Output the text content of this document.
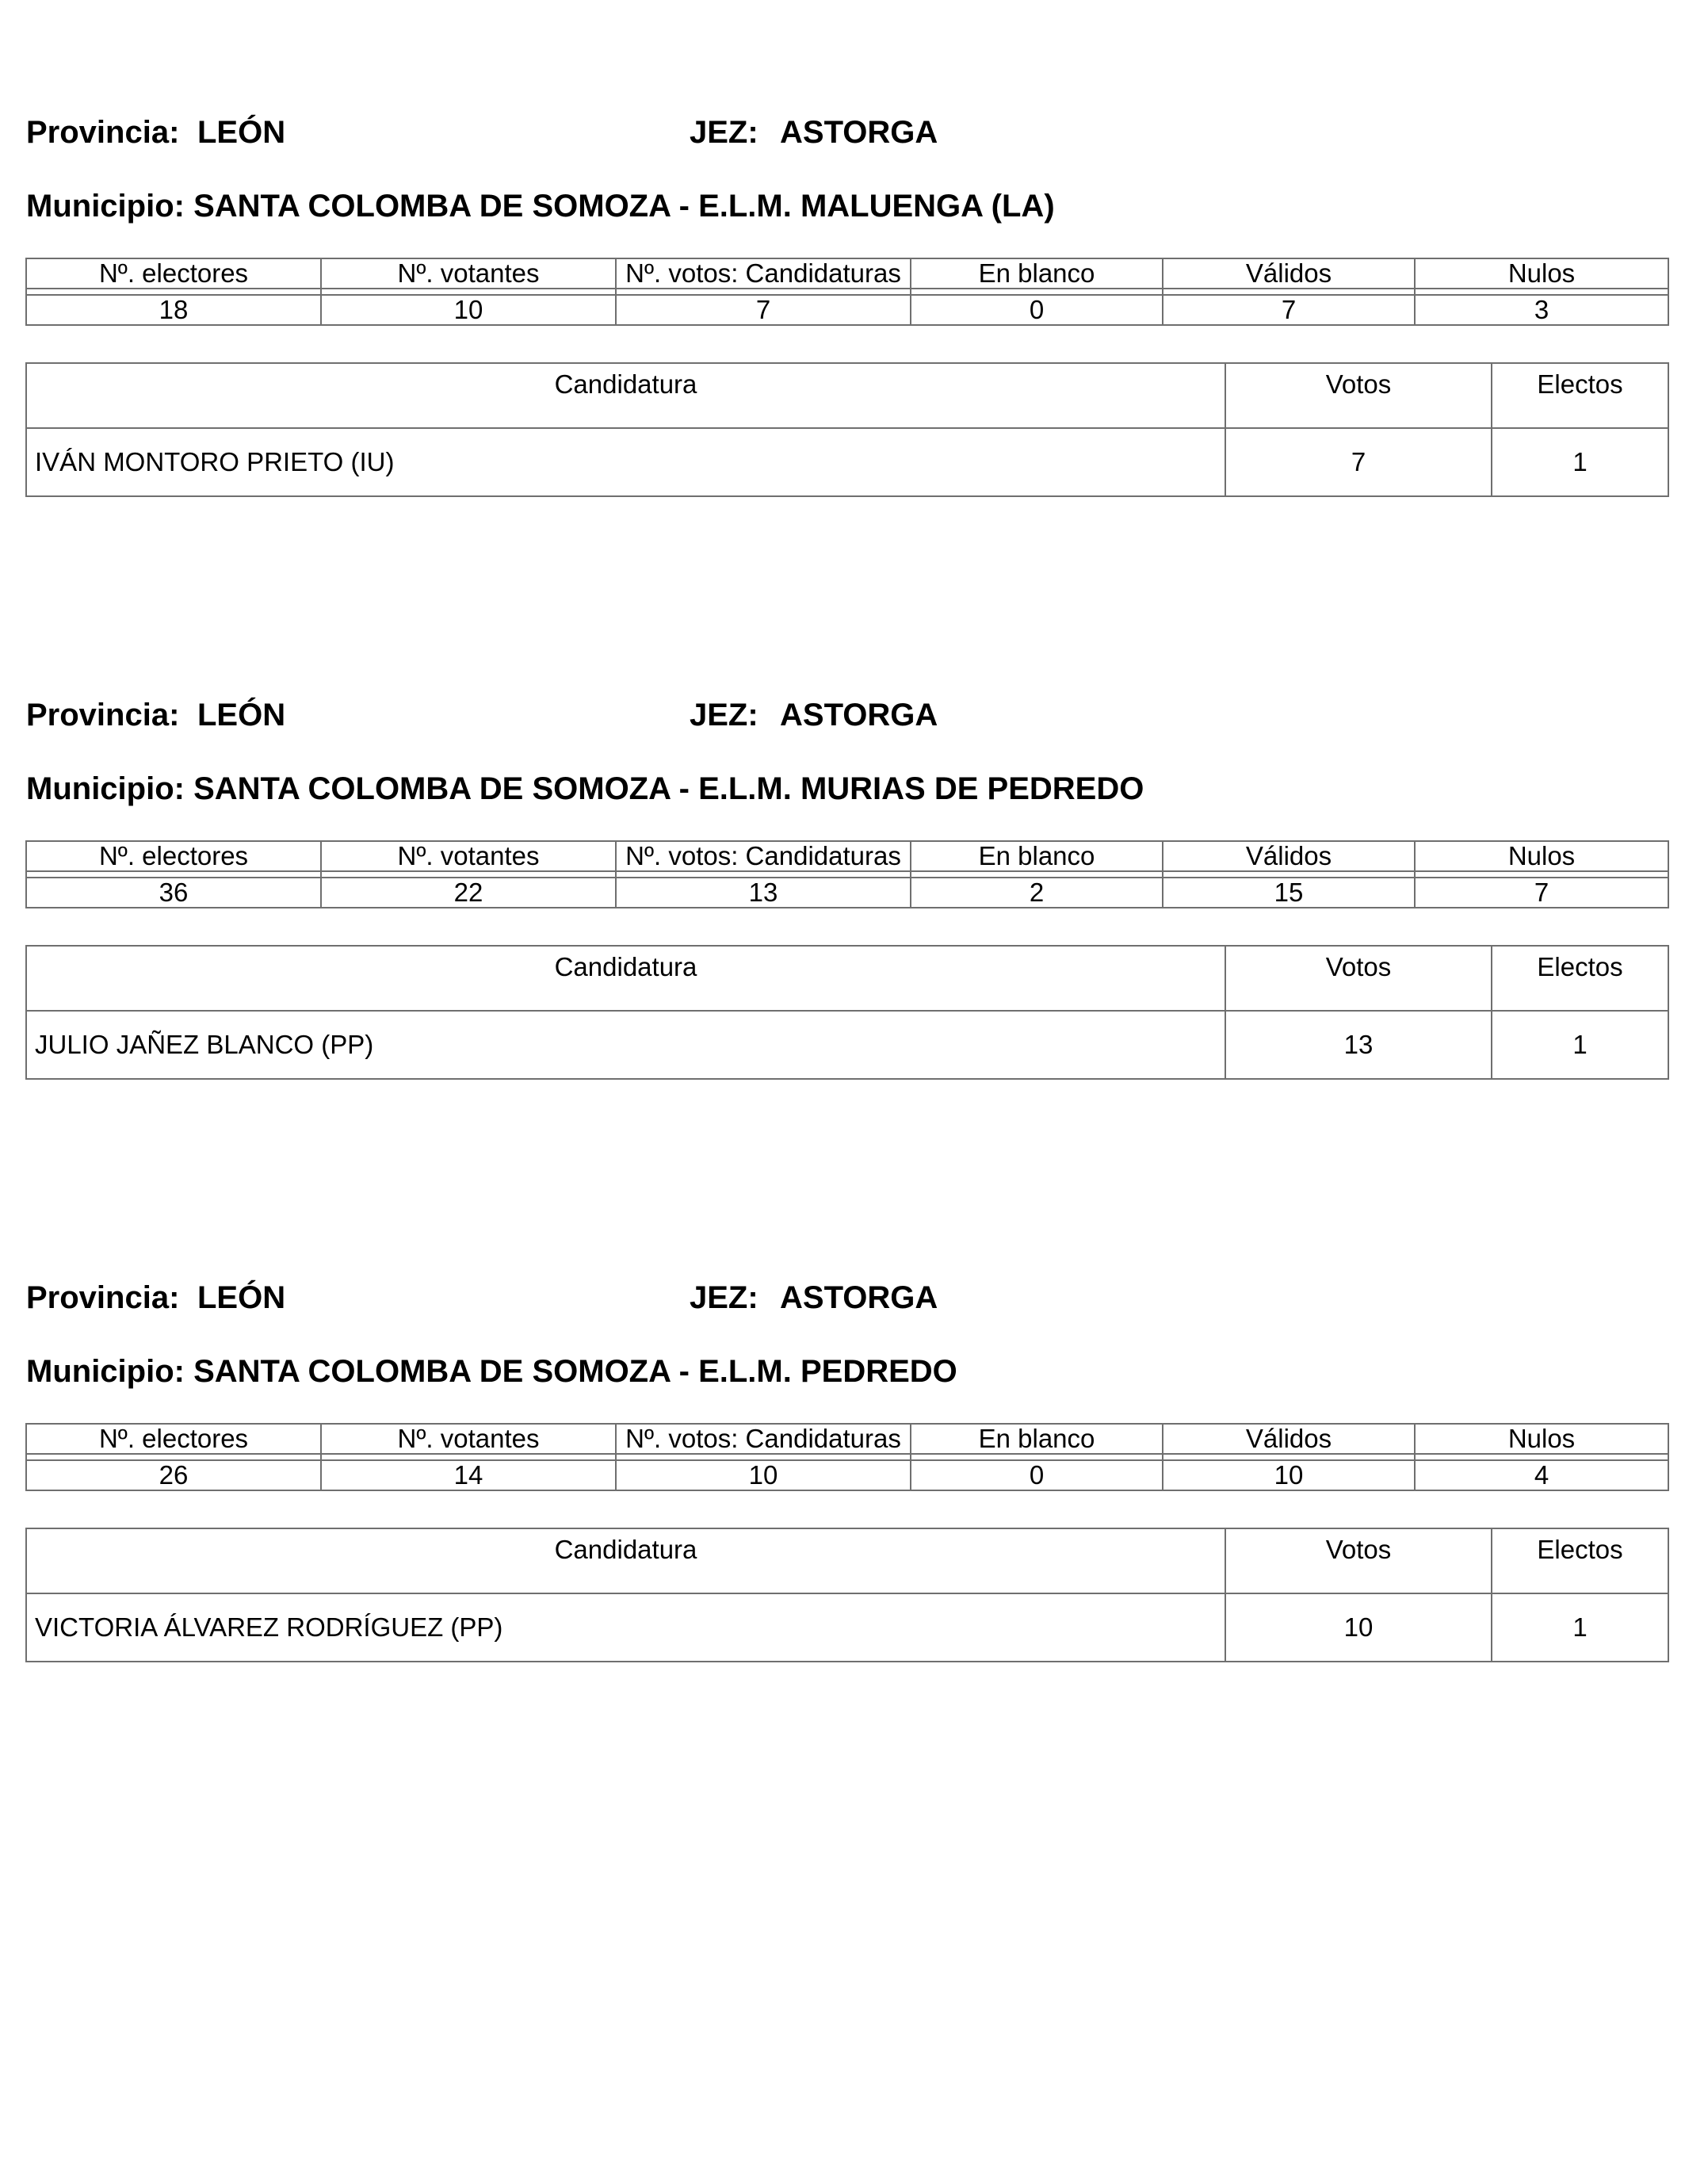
Provincia: LEÓN	JEZ: ASTORGA
Municipio: SANTA COLOMBA DE SOMOZA - E.L.M. MALUENGA (LA)
Nº. electores	Nº. votantes	Nº. votos: Candidaturas	En blanco	Válidos	Nulos

18	10	7	0	7	3
Candidatura	Votos	Electos
IVÁN MONTORO PRIETO (IU)	7	1
Provincia: LEÓN	JEZ: ASTORGA
Municipio: SANTA COLOMBA DE SOMOZA - E.L.M. MURIAS DE PEDREDO
Nº. electores	Nº. votantes	Nº. votos: Candidaturas	En blanco	Válidos	Nulos

36	22	13	2	15	7
Candidatura	Votos	Electos
JULIO JAÑEZ BLANCO (PP)	13	1
Provincia: LEÓN	JEZ: ASTORGA
Municipio: SANTA COLOMBA DE SOMOZA - E.L.M. PEDREDO
Nº. electores	Nº. votantes	Nº. votos: Candidaturas	En blanco	Válidos	Nulos

26	14	10	0	10	4
Candidatura	Votos	Electos
VICTORIA ÁLVAREZ RODRÍGUEZ (PP)	10	1
